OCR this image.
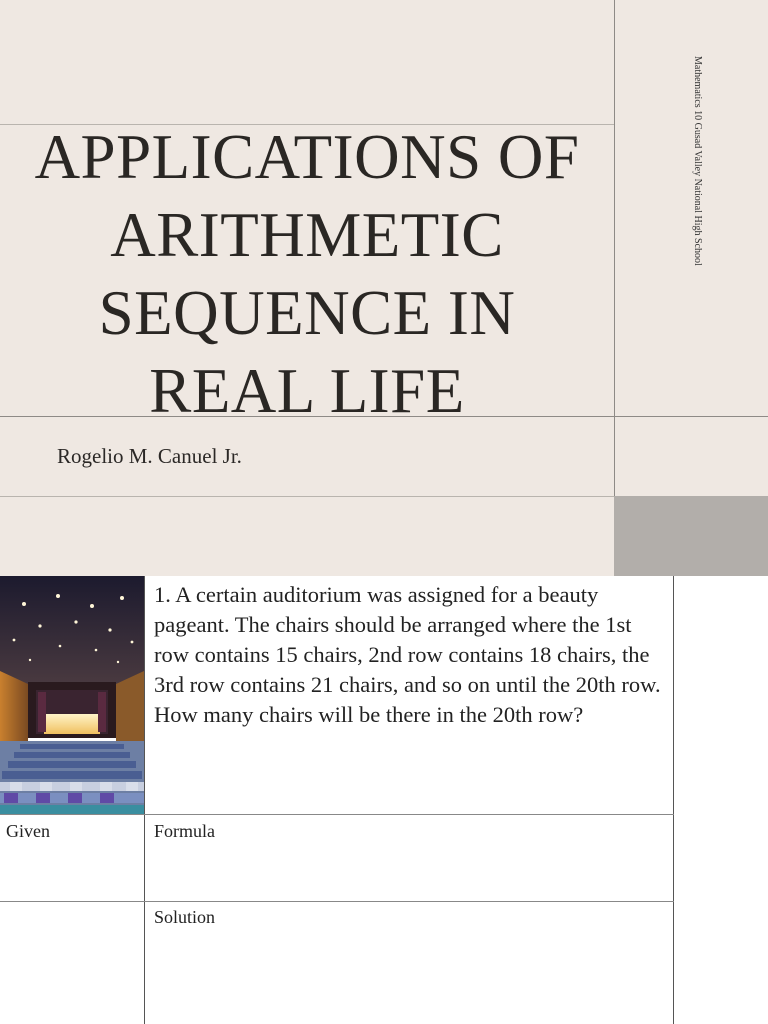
APPLICATIONS OF
ARITHMETIC
SEQUENCE IN
REAL LIFE
Rogelio M. Canuel Jr.
Mathematics 10 Gusad Valley National High School
1. A certain auditorium was assigned for a beauty pageant. The chairs should be arranged where the 1st row contains 15 chairs, 2nd row contains 18 chairs, the 3rd row contains 21 chairs, and so on until the 20th row. How many chairs will be there in the 20th row?
Given	Formula
Solution
